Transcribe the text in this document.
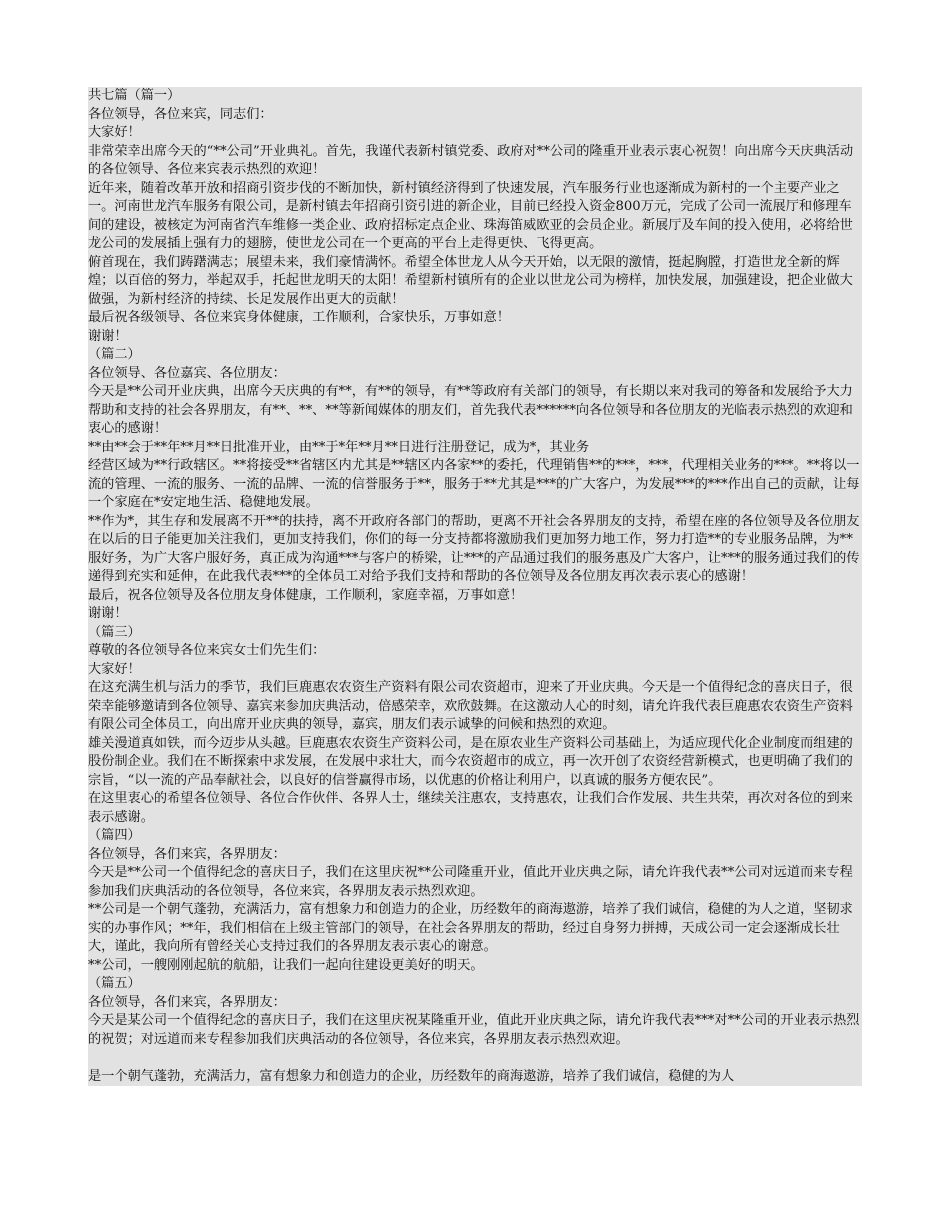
共七篇（篇一）

各位领导，各位来宾，同志们：

大家好！

非常荣幸出席今天的“**公司”开业典礼。首先，我谨代表新村镇党委、政府对**公司的隆重开业表示衷心祝贺！向出席今天庆典活动的各位领导、各位来宾表示热烈的欢迎！

近年来，随着改革开放和招商引资步伐的不断加快，新村镇经济得到了快速发展，汽车服务行业也逐渐成为新村的一个主要产业之一。河南世龙汽车服务有限公司，是新村镇去年招商引资引进的新企业，目前已经投入资金800万元，完成了公司一流展厅和修理车间的建设，被核定为河南省汽车维修一类企业、政府招标定点企业、珠海笛威欧亚的会员企业。新展厅及车间的投入使用，必将给世龙公司的发展插上强有力的翅膀，使世龙公司在一个更高的平台上走得更快、飞得更高。

俯首现在，我们踌躇满志；展望未来，我们豪情满怀。希望全体世龙人从今天开始，以无限的激情，挺起胸膛，打造世龙全新的辉煌；以百倍的努力，举起双手，托起世龙明天的太阳！希望新村镇所有的企业以世龙公司为榜样，加快发展，加强建设，把企业做大做强，为新村经济的持续、长足发展作出更大的贡献！

最后祝各级领导、各位来宾身体健康，工作顺利，合家快乐，万事如意！

谢谢！

（篇二）

各位领导、各位嘉宾、各位朋友：

今天是**公司开业庆典，出席今天庆典的有**，有**的领导，有**等政府有关部门的领导，有长期以来对我司的筹备和发展给予大力帮助和支持的社会各界朋友，有**、**、**等新闻媒体的朋友们，首先我代表******向各位领导和各位朋友的光临表示热烈的欢迎和衷心的感谢！

**由**会于**年**月**日批准开业，由**于*年**月**日进行注册登记，成为*，其业务

经营区域为**行政辖区。**将接受**省辖区内尤其是**辖区内各家**的委托，代理销售**的***，***，代理相关业务的***。**将以一流的管理、一流的服务、一流的品牌、一流的信誉服务于**，服务于**尤其是***的广大客户，为发展***的***作出自己的贡献，让每一个家庭在*安定地生活、稳健地发展。

**作为*，其生存和发展离不开**的扶持，离不开政府各部门的帮助，更离不开社会各界朋友的支持，希望在座的各位领导及各位朋友在以后的日子能更加关注我们，更加支持我们，你们的每一分支持都将激励我们更加努力地工作，努力打造**的专业服务品牌，为**服好务，为广大客户服好务，真正成为沟通***与客户的桥梁，让***的产品通过我们的服务惠及广大客户，让***的服务通过我们的传递得到充实和延伸，在此我代表***的全体员工对给予我们支持和帮助的各位领导及各位朋友再次表示衷心的感谢！

最后，祝各位领导及各位朋友身体健康，工作顺利，家庭幸福，万事如意！

谢谢！

（篇三）

尊敬的各位领导各位来宾女士们先生们：

大家好！

在这充满生机与活力的季节，我们巨鹿惠农农资生产资料有限公司农资超市，迎来了开业庆典。今天是一个值得纪念的喜庆日子，很荣幸能够邀请到各位领导、嘉宾来参加庆典活动，倍感荣幸，欢欣鼓舞。在这激动人心的时刻，请允许我代表巨鹿惠农农资生产资料有限公司全体员工，向出席开业庆典的领导，嘉宾，朋友们表示诚挚的问候和热烈的欢迎。

雄关漫道真如铁，而今迈步从头越。巨鹿惠农农资生产资料公司，是在原农业生产资料公司基础上，为适应现代化企业制度而组建的股份制企业。我们在不断探索中求发展，在发展中求壮大，而今农资超市的成立，再一次开创了农资经营新模式，也更明确了我们的宗旨，“以一流的产品奉献社会，以良好的信誉赢得市场，以优惠的价格让利用户，以真诚的服务方便农民”。

在这里衷心的希望各位领导、各位合作伙伴、各界人士，继续关注惠农，支持惠农，让我们合作发展、共生共荣，再次对各位的到来表示感谢。

（篇四）

各位领导，各们来宾，各界朋友：

今天是**公司一个值得纪念的喜庆日子，我们在这里庆祝**公司隆重开业，值此开业庆典之际，请允许我代表**公司对远道而来专程参加我们庆典活动的各位领导，各位来宾，各界朋友表示热烈欢迎。

**公司是一个朝气蓬勃，充满活力，富有想象力和创造力的企业，历经数年的商海遨游，培养了我们诚信，稳健的为人之道，坚韧求实的办事作风；**年，我们相信在上级主管部门的领导，在社会各界朋友的帮助，经过自身努力拼搏，天成公司一定会逐渐成长壮大，谨此，我向所有曾经关心支持过我们的各界朋友表示衷心的谢意。

**公司，一艘刚刚起航的航船，让我们一起向往建设更美好的明天。

（篇五）

各位领导，各们来宾，各界朋友：

今天是某公司一个值得纪念的喜庆日子，我们在这里庆祝某隆重开业，值此开业庆典之际，请允许我代表***对**公司的开业表示热烈的祝贺；对远道而来专程参加我们庆典活动的各位领导，各位来宾，各界朋友表示热烈欢迎。

是一个朝气蓬勃，充满活力，富有想象力和创造力的企业，历经数年的商海遨游，培养了我们诚信，稳健的为人
